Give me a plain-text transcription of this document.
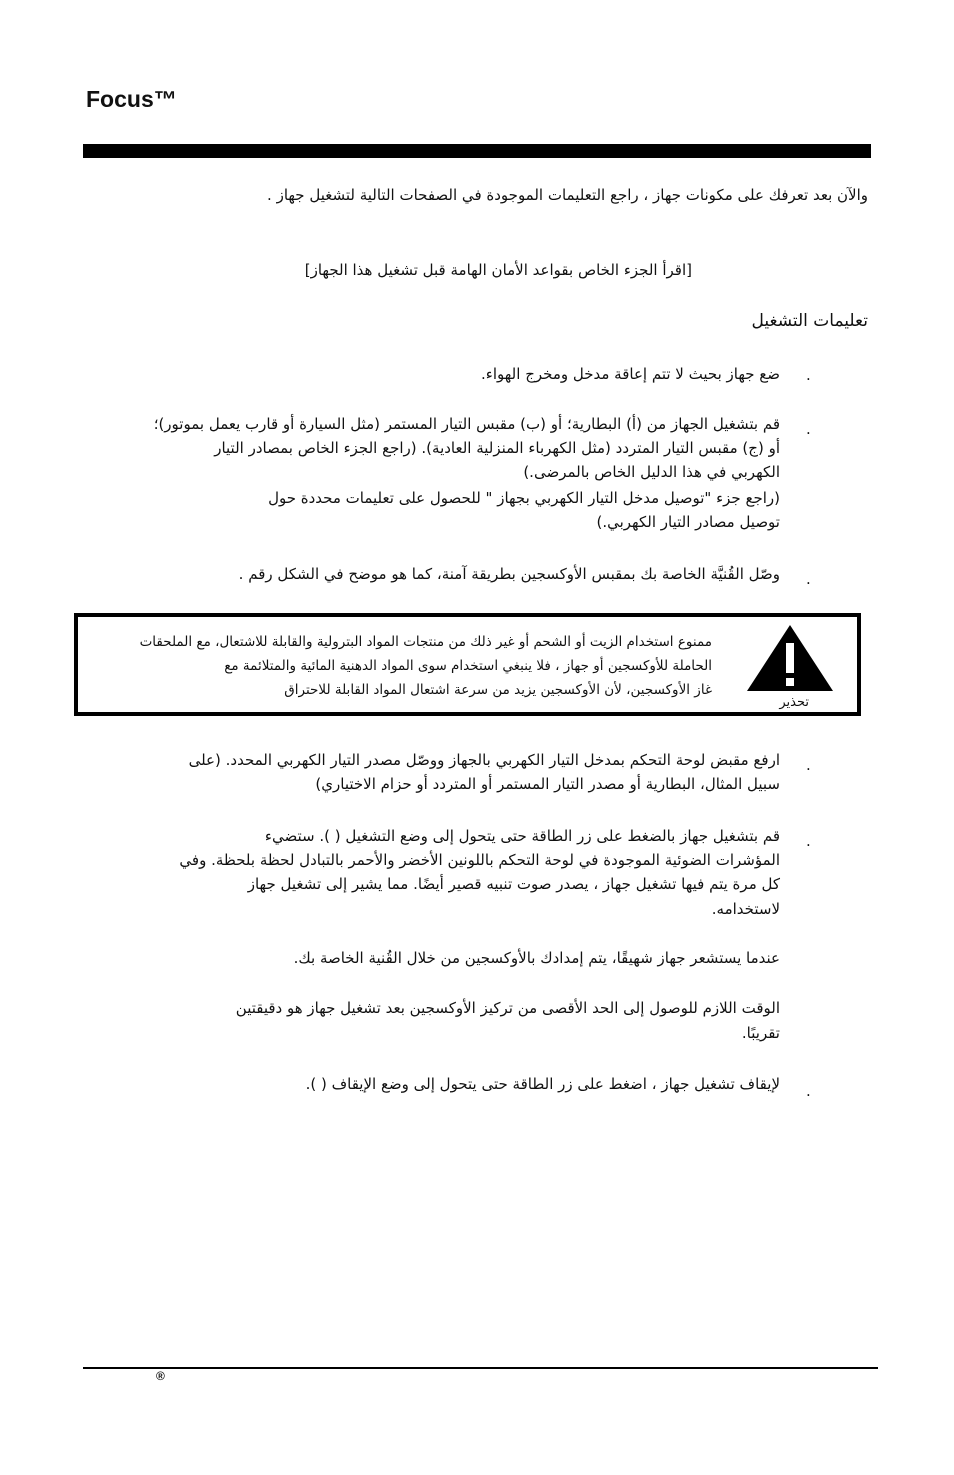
Focus™
والآن بعد تعرفك على مكونات جهاز ، راجع التعليمات الموجودة في الصفحات التالية لتشغيل جهاز .
[اقرأ الجزء الخاص بقواعد الأمان الهامة قبل تشغيل هذا الجهاز]
تعليمات التشغيل
.
ضع جهاز بحيث لا تتم إعاقة مدخل ومخرج الهواء.
.
قم بتشغيل الجهاز من (أ) البطارية؛ أو (ب) مقبس التيار المستمر (مثل السيارة أو قارب يعمل بموتور)؛
أو (ج) مقبس التيار المتردد (مثل الكهرباء المنزلية العادية). (راجع الجزء الخاص بمصادر التيار
الكهربي في هذا الدليل الخاص بالمرضى.)
(راجع جزء "توصيل مدخل التيار الكهربي بجهاز " للحصول على تعليمات محددة حول
توصيل مصادر التيار الكهربي.)
.
وصّل القُنيَّة الخاصة بك بمقبس الأوكسجين بطريقة آمنة، كما هو موضح في الشكل رقم .
ممنوع استخدام الزيت أو الشحم أو غير ذلك من منتجات المواد البترولية والقابلة للاشتعال، مع الملحقات
الحاملة للأوكسجين أو جهاز ، فلا ينبغي استخدام سوى المواد الدهنية المائية والمتلائمة مع
غاز الأوكسجين، لأن الأوكسجين يزيد من سرعة اشتعال المواد القابلة للاحتراق
تحذير
.
ارفع مقبض لوحة التحكم بمدخل التيار الكهربي بالجهاز ووصّل مصدر التيار الكهربي المحدد. (على
سبيل المثال، البطارية أو مصدر التيار المستمر أو المتردد أو حزام الاختياري)
.
قم بتشغيل جهاز بالضغط على زر الطاقة حتى يتحول إلى وضع التشغيل ( ). ستضيء
المؤشرات الضوئية الموجودة في لوحة التحكم باللونين الأخضر والأحمر بالتبادل لحظة بلحظة. وفي
كل مرة يتم فيها تشغيل جهاز ، يصدر صوت تنبيه قصير أيضًا. مما يشير إلى تشغيل جهاز
لاستخدامه.
عندما يستشعر جهاز شهيقًا، يتم إمدادك بالأوكسجين من خلال القُنية الخاصة بك.
الوقت اللازم للوصول إلى الحد الأقصى من تركيز الأوكسجين بعد تشغيل جهاز هو دقيقتين
تقريبًا.
.
لإيقاف تشغيل جهاز ، اضغط على زر الطاقة حتى يتحول إلى وضع الإيقاف ( ).
®
